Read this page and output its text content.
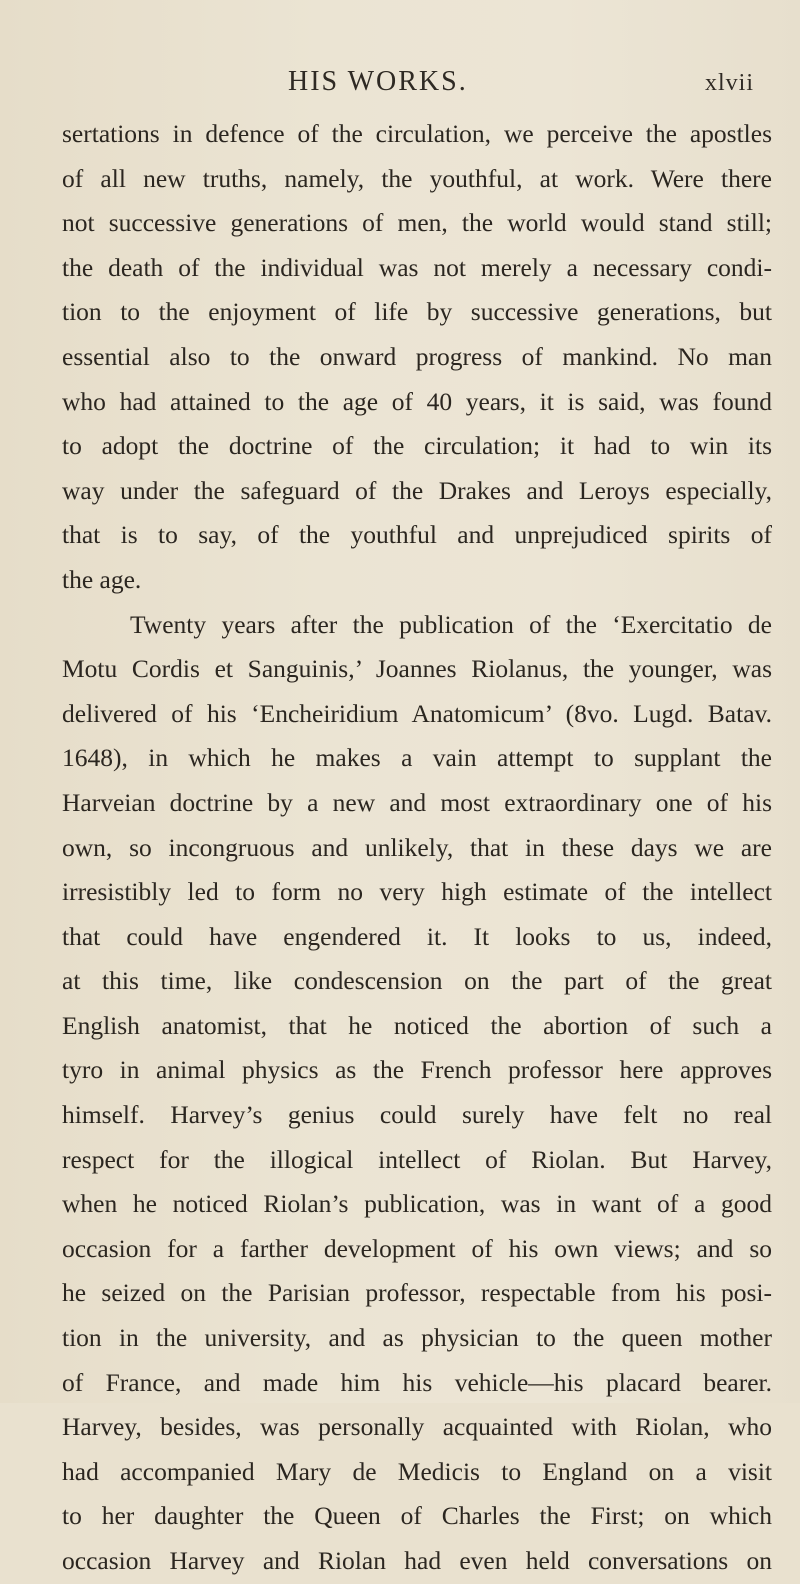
HIS WORKS.	xlvii
sertations in defence of the circulation, we perceive the apostles
of all new truths, namely, the youthful, at work. Were there
not successive generations of men, the world would stand still;
the death of the individual was not merely a necessary condi-
tion to the enjoyment of life by successive generations, but
essential also to the onward progress of mankind. No man
who had attained to the age of 40 years, it is said, was found
to adopt the doctrine of the circulation; it had to win its
way under the safeguard of the Drakes and Leroys especially,
that is to say, of the youthful and unprejudiced spirits of
the age.
Twenty years after the publication of the ‘Exercitatio de
Motu Cordis et Sanguinis,’ Joannes Riolanus, the younger, was
delivered of his ‘Encheiridium Anatomicum’ (8vo. Lugd. Batav.
1648), in which he makes a vain attempt to supplant the
Harveian doctrine by a new and most extraordinary one of his
own, so incongruous and unlikely, that in these days we are
irresistibly led to form no very high estimate of the intellect
that could have engendered it. It looks to us, indeed,
at this time, like condescension on the part of the great
English anatomist, that he noticed the abortion of such a
tyro in animal physics as the French professor here approves
himself. Harvey’s genius could surely have felt no real
respect for the illogical intellect of Riolan. But Harvey,
when he noticed Riolan’s publication, was in want of a good
occasion for a farther development of his own views; and so
he seized on the Parisian professor, respectable from his posi-
tion in the university, and as physician to the queen mother
of France, and made him his vehicle—his placard bearer.
Harvey, besides, was personally acquainted with Riolan, who
had accompanied Mary de Medicis to England on a visit
to her daughter the Queen of Charles the First; on which
occasion Harvey and Riolan had even held conversations on
